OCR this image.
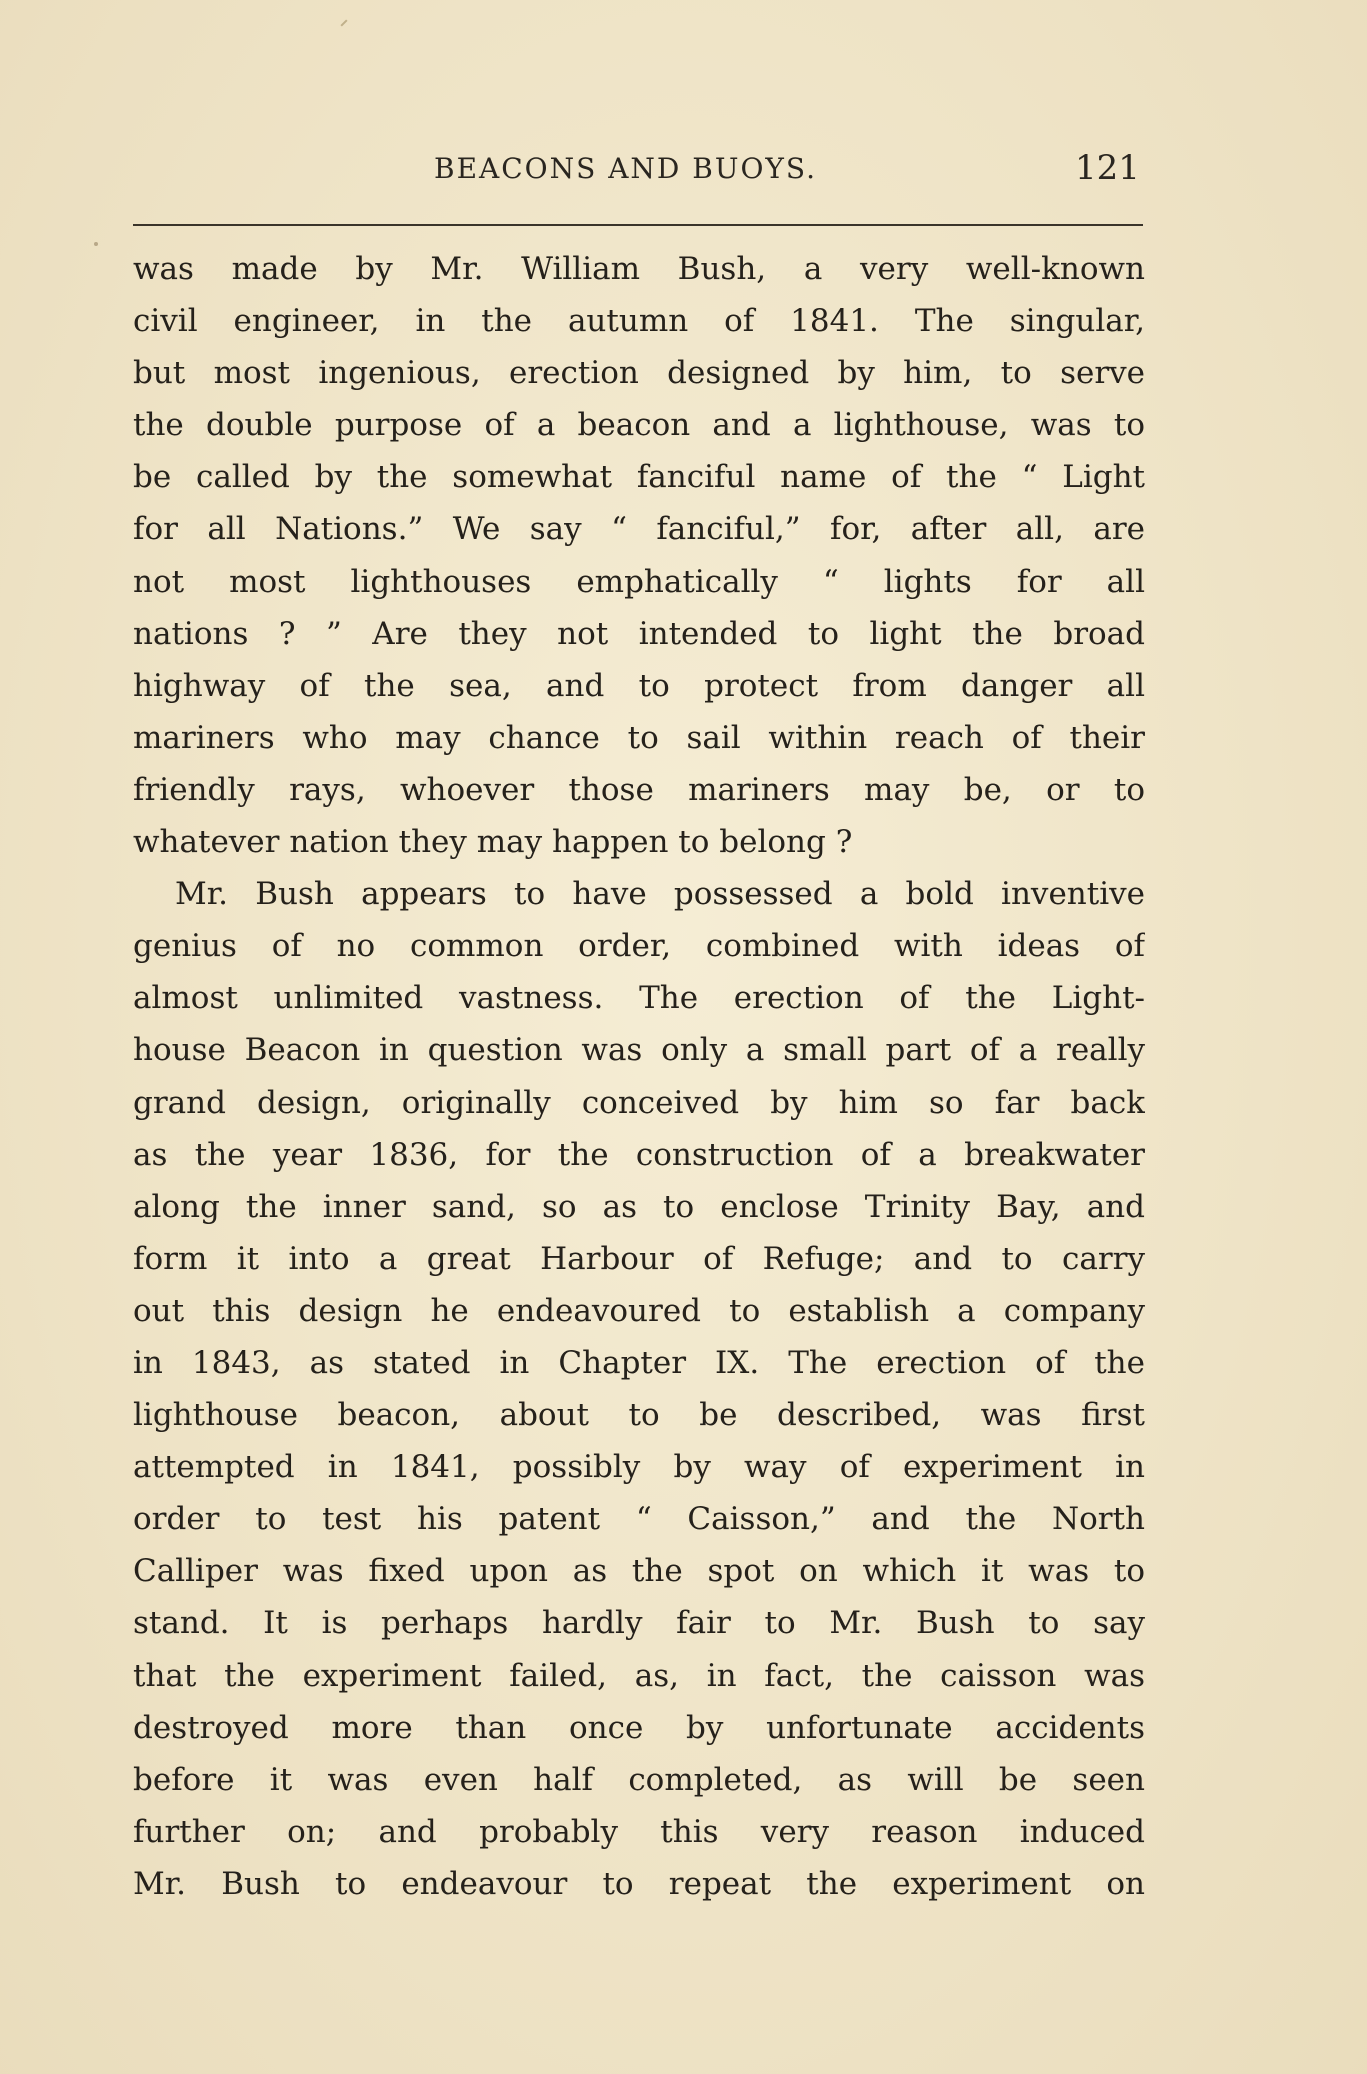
BEACONS AND BUOYS.	121
was made by Mr. William Bush, a very well-known
civil engineer, in the autumn of 1841. The singular,
but most ingenious, erection designed by him, to serve
the double purpose of a beacon and a lighthouse, was to
be called by the somewhat fanciful name of the “ Light
for all Nations.” We say “ fanciful,” for, after all, are
not most lighthouses emphatically “ lights for all
nations ? ” Are they not intended to light the broad
highway of the sea, and to protect from danger all
mariners who may chance to sail within reach of their
friendly rays, whoever those mariners may be, or to
whatever nation they may happen to belong ?
Mr. Bush appears to have possessed a bold inventive
genius of no common order, combined with ideas of
almost unlimited vastness. The erection of the Light-
house Beacon in question was only a small part of a really
grand design, originally conceived by him so far back
as the year 1836, for the construction of a breakwater
along the inner sand, so as to enclose Trinity Bay, and
form it into a great Harbour of Refuge; and to carry
out this design he endeavoured to establish a company
in 1843, as stated in Chapter IX. The erection of the
lighthouse beacon, about to be described, was first
attempted in 1841, possibly by way of experiment in
order to test his patent “ Caisson,” and the North
Calliper was fixed upon as the spot on which it was to
stand. It is perhaps hardly fair to Mr. Bush to say
that the experiment failed, as, in fact, the caisson was
destroyed more than once by unfortunate accidents
before it was even half completed, as will be seen
further on; and probably this very reason induced
Mr. Bush to endeavour to repeat the experiment on
